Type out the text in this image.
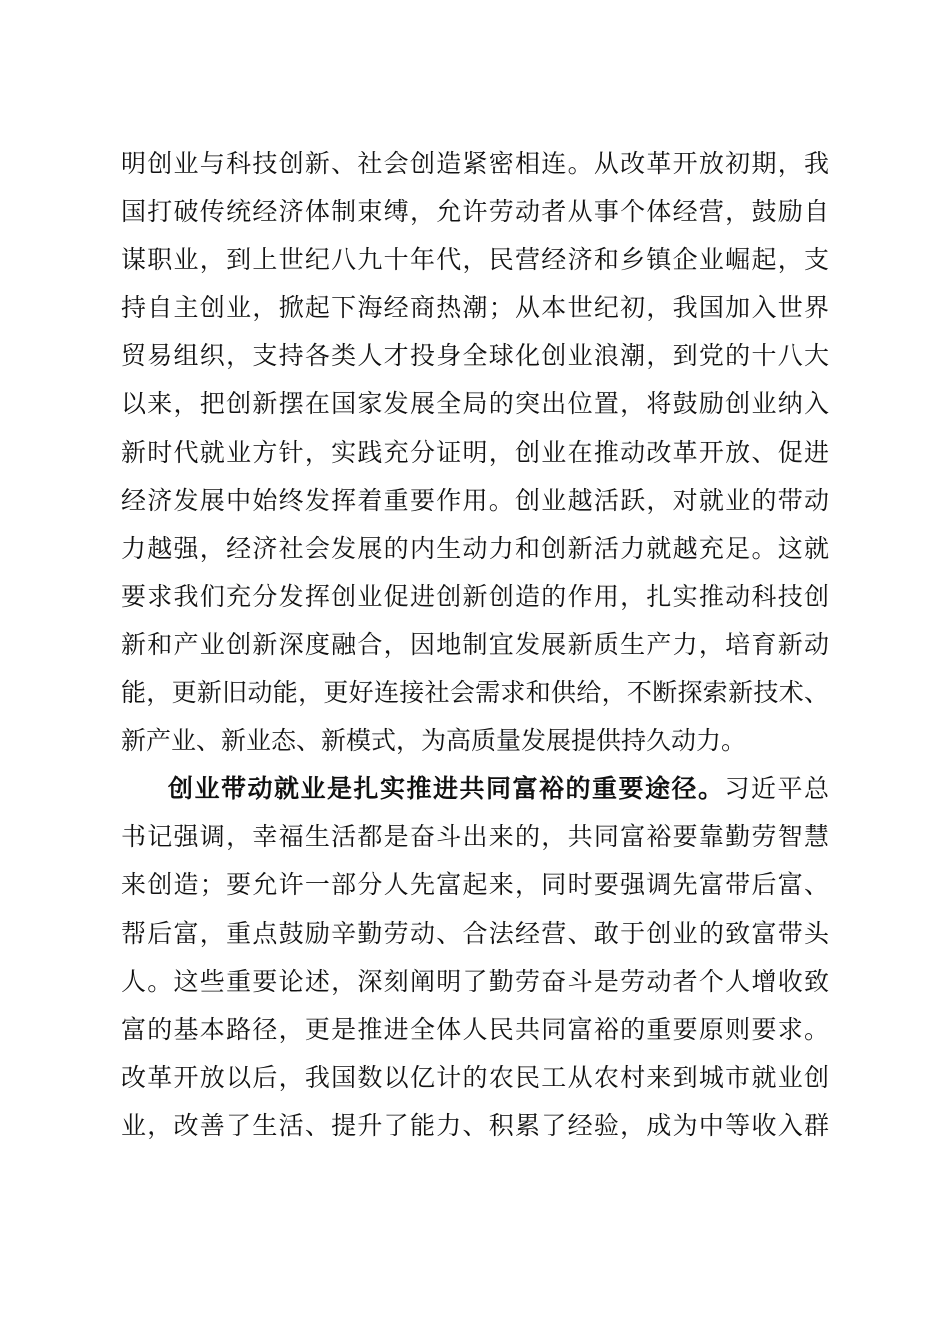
明创业与科技创新、社会创造紧密相连。从改革开放初期，我
国打破传统经济体制束缚，允许劳动者从事个体经营，鼓励自
谋职业，到上世纪八九十年代，民营经济和乡镇企业崛起，支
持自主创业，掀起下海经商热潮；从本世纪初，我国加入世界
贸易组织，支持各类人才投身全球化创业浪潮，到党的十八大
以来，把创新摆在国家发展全局的突出位置，将鼓励创业纳入
新时代就业方针，实践充分证明，创业在推动改革开放、促进
经济发展中始终发挥着重要作用。创业越活跃，对就业的带动
力越强，经济社会发展的内生动力和创新活力就越充足。这就
要求我们充分发挥创业促进创新创造的作用，扎实推动科技创
新和产业创新深度融合，因地制宜发展新质生产力，培育新动
能，更新旧动能，更好连接社会需求和供给，不断探索新技术、
新产业、新业态、新模式，为高质量发展提供持久动力。
创业带动就业是扎实推进共同富裕的重要途径。习近平总
书记强调，幸福生活都是奋斗出来的，共同富裕要靠勤劳智慧
来创造；要允许一部分人先富起来，同时要强调先富带后富、
帮后富，重点鼓励辛勤劳动、合法经营、敢于创业的致富带头
人。这些重要论述，深刻阐明了勤劳奋斗是劳动者个人增收致
富的基本路径，更是推进全体人民共同富裕的重要原则要求。
改革开放以后，我国数以亿计的农民工从农村来到城市就业创
业，改善了生活、提升了能力、积累了经验，成为中等收入群
